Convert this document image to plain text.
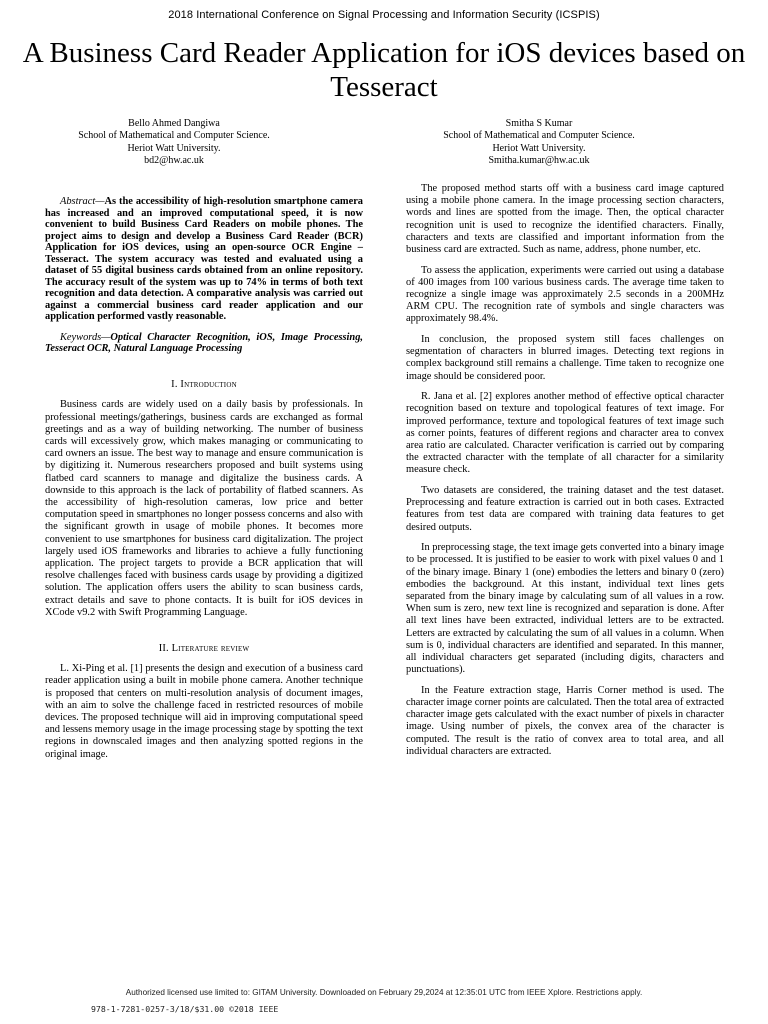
2018 International Conference on Signal Processing and Information Security (ICSPIS)
A Business Card Reader Application for iOS devices based on Tesseract
Bello Ahmed Dangiwa
School of Mathematical and Computer Science.
Heriot Watt University.
bd2@hw.ac.uk
Smitha S Kumar
School of Mathematical and Computer Science.
Heriot Watt University.
Smitha.kumar@hw.ac.uk

Abstract—As the accessibility of high-resolution smartphone camera has increased and an improved computational speed, it is now convenient to build Business Card Readers on mobile phones. The project aims to design and develop a Business Card Reader (BCR) Application for iOS devices, using an open-source OCR Engine – Tesseract. The system accuracy was tested and evaluated using a dataset of 55 digital business cards obtained from an online repository. The accuracy result of the system was up to 74% in terms of both text recognition and data detection. A comparative analysis was carried out against a commercial business card reader application and our application performed vastly reasonable.

Keywords—Optical Character Recognition, iOS, Image Processing, Tesseract OCR, Natural Language Processing

I. Introduction

Business cards are widely used on a daily basis by professionals. In professional meetings/gatherings, business cards are exchanged as formal greetings and as a way of building networking. The number of business cards will excessively grow, which makes managing or communicating to card owners an issue. The best way to manage and ensure communication is by digitizing it. Numerous researchers proposed and built systems using flatbed card scanners to manage and digitalize the business cards. A downside to this approach is the lack of portability of flatbed scanners. As the accessibility of high-resolution cameras, low price and better computation speed in smartphones no longer possess concerns and also with the significant growth in usage of mobile phones. It becomes more convenient to use smartphones for business card digitalization. The project largely used iOS frameworks and libraries to achieve a fully functioning application. The project targets to provide a BCR application that will resolve challenges faced with business cards usage by providing a digitized solution. The application offers users the ability to scan business cards, extract details and save to phone contacts. It is built for iOS devices in XCode v9.2 with Swift Programming Language.

II. Literature review

L. Xi-Ping et al. [1] presents the design and execution of a business card reader application using a built in mobile phone camera. Another technique is proposed that centers on multi-resolution analysis of document images, with an aim to solve the challenge faced in restricted resources of mobile devices. The proposed technique will aid in improving computational speed and lessens memory usage in the image processing stage by spotting the text regions in downscaled images and then analyzing spotted regions in the original image.

The proposed method starts off with a business card image captured using a mobile phone camera. In the image processing section characters, words and lines are spotted from the image. Then, the optical character recognition unit is used to recognize the identified characters. Finally, characters and texts are classified and important information from the business card are extracted. Such as name, address, phone number, etc.

To assess the application, experiments were carried out using a database of 400 images from 100 various business cards. The average time taken to recognize a single image was approximately 2.5 seconds in a 200MHz ARM CPU. The recognition rate of symbols and single characters was approximately 98.4%.

In conclusion, the proposed system still faces challenges on segmentation of characters in blurred images. Detecting text regions in complex background still remains a challenge. Time taken to recognize one image should be considered poor.

R. Jana et al. [2] explores another method of effective optical character recognition based on texture and topological features of text image. For improved performance, texture and topological features of text image such as corner points, features of different regions and character area to convex area ratio are calculated. Character verification is carried out by comparing the extracted character with the template of all character for a similarity measure check.

Two datasets are considered, the training dataset and the test dataset. Preprocessing and feature extraction is carried out in both cases. Extracted features from test data are compared with training data features to get desired outputs.

In preprocessing stage, the text image gets converted into a binary image to be processed. It is justified to be easier to work with pixel values 0 and 1 of the binary image. Binary 1 (one) embodies the letters and binary 0 (zero) embodies the background. At this instant, individual text lines gets separated from the binary image by calculating sum of all values in a row. When sum is zero, new text line is recognized and separation is done. After all text lines have been extracted, individual letters are to be extracted. Letters are extracted by calculating the sum of all values in a column. When sum is 0, individual characters are identified and separated. In this manner, all individual characters get separated (including digits, characters and punctuations).

In the Feature extraction stage, Harris Corner method is used. The character image corner points are calculated. Then the total area of extracted character image gets calculated with the exact number of pixels in character image. Using number of pixels, the convex area of the character is computed. The result is the ratio of convex area to total area, and all individual characters are extracted.

Authorized licensed use limited to: GITAM University. Downloaded on February 29,2024 at 12:35:01 UTC from IEEE Xplore. Restrictions apply.
978-1-7281-0257-3/18/$31.00 ©2018 IEEE
